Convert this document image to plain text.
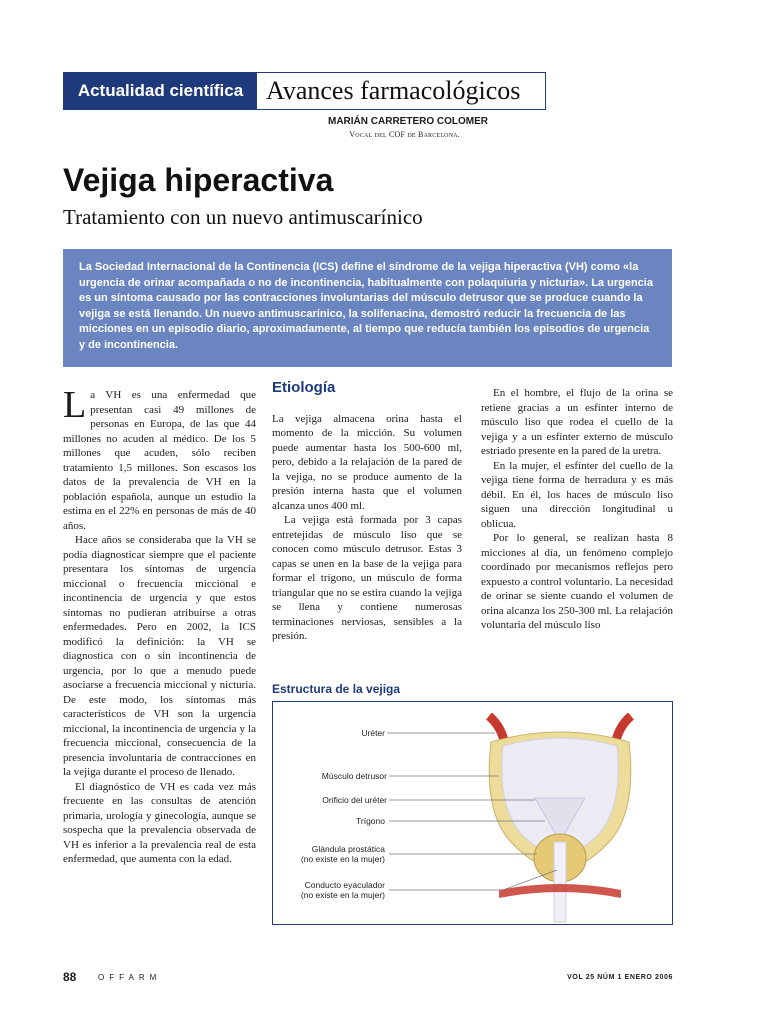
Actualidad científica Avances farmacológicos
MARIÁN CARRETERO COLOMER
Vocal del COF de Barcelona.
Vejiga hiperactiva
Tratamiento con un nuevo antimuscarínico
La Sociedad Internacional de la Continencia (ICS) define el síndrome de la vejiga hiperactiva (VH) como «la urgencia de orinar acompañada o no de incontinencia, habitualmente con polaquiuria y nicturia». La urgencia es un síntoma causado por las contracciones involuntarias del músculo detrusor que se produce cuando la vejiga se está llenando. Un nuevo antimuscarínico, la solifenacina, demostró reducir la frecuencia de las micciones en un episodio diario, aproximadamente, al tiempo que reducía también los episodios de urgencia y de incontinencia.

La VH es una enfermedad que presentan casi 49 millones de personas en Europa, de las que 44 millones no acuden al médico. De los 5 millones que acuden, sólo reciben tratamiento 1,5 millones. Son escasos los datos de la prevalencia de VH en la población española, aunque un estudio la estima en el 22% en personas de más de 40 años.

Hace años se consideraba que la VH se podía diagnosticar siempre que el paciente presentara los síntomas de urgencia miccional o frecuencia miccional e incontinencia de urgencia y que estos síntomas no pudieran atribuirse a otras enfermedades. Pero en 2002, la ICS modificó la definición: la VH se diagnostica con o sin incontinencia de urgencia, por lo que a menudo puede asociarse a frecuencia miccional y nicturia. De este modo, los síntomas más característicos de VH son la urgencia miccional, la incontinencia de urgencia y la frecuencia miccional, consecuencia de la presencia involuntaria de contracciones en la vejiga durante el proceso de llenado.

El diagnóstico de VH es cada vez más frecuente en las consultas de atención primaria, urología y ginecología, aunque se sospecha que la prevalencia observada de VH es inferior a la prevalencia real de esta enfermedad, que aumenta con la edad.

Etiología

La vejiga almacena orina hasta el momento de la micción. Su volumen puede aumentar hasta los 500-600 ml, pero, debido a la relajación de la pared de la vejiga, no se produce aumento de la presión interna hasta que el volumen alcanza unos 400 ml.

La vejiga está formada por 3 capas entretejidas de músculo liso que se conocen como músculo detrusor. Estas 3 capas se unen en la base de la vejiga para formar el trígono, un músculo de forma triangular que no se estira cuando la vejiga se llena y contiene numerosas terminaciones nerviosas, sensibles a la presión.

En el hombre, el flujo de la orina se retiene gracias a un esfínter interno de músculo liso que rodea el cuello de la vejiga y a un esfínter externo de músculo estriado presente en la pared de la uretra.

En la mujer, el esfínter del cuello de la vejiga tiene forma de herradura y es más débil. En él, los haces de músculo liso siguen una dirección longitudinal u oblicua.

Por lo general, se realizan hasta 8 micciones al día, un fenómeno complejo coordinado por mecanismos reflejos pero expuesto a control voluntario. La necesidad de orinar se siente cuando el volumen de orina alcanza los 250-300 ml. La relajación voluntaria del músculo liso

Estructura de la vejiga
Uréter
Músculo detrusor
Orificio del uréter
Trígono
Glándula prostática
(no existe en la mujer)
Conducto eyaculador
(no existe en la mujer)
88	OFFARM	VOL 25 NÚM 1 ENERO 2006
